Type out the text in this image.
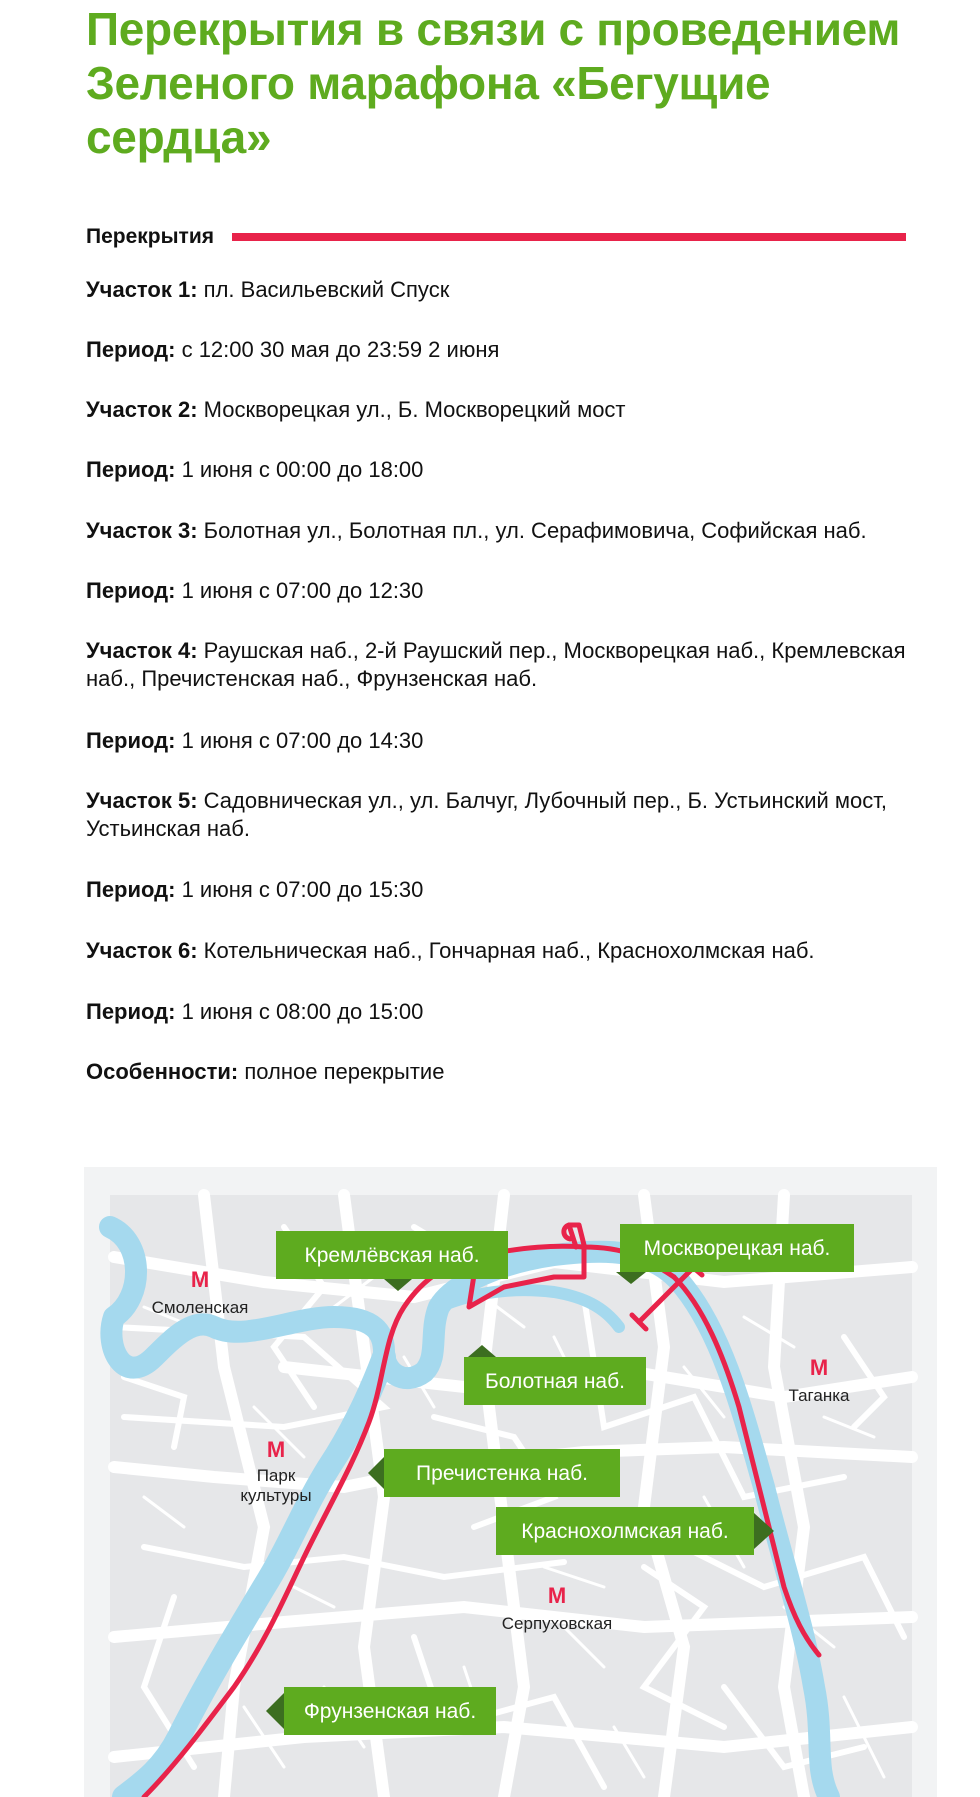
Перекрытия в связи с проведением Зеленого марафона «Бегущие сердца»
Перекрытия
Участок 1: пл. Васильевский Спуск
Период: с 12:00 30 мая до 23:59 2 июня
Участок 2: Москворецкая ул., Б. Москворецкий мост
Период: 1 июня с 00:00 до 18:00
Участок 3: Болотная ул., Болотная пл., ул. Серафимовича, Софийская наб.
Период: 1 июня с 07:00 до 12:30
Участок 4: Раушская наб., 2-й Раушский пер., Москворецкая наб., Кремлевская наб., Пречистенская наб., Фрунзенская наб.
Период: 1 июня с 07:00 до 14:30
Участок 5: Садовническая ул., ул. Балчуг, Лубочный пер., Б. Устьинский мост, Устьинская наб.
Период: 1 июня с 07:00 до 15:30
Участок 6: Котельническая наб., Гончарная наб., Краснохолмская наб.
Период: 1 июня с 08:00 до 15:00
Особенности: полное перекрытие
M
Смоленская
M
Парк культуры
M
Таганка
M
Серпуховская
Кремлёвская наб.	Москворецкая наб.
Болотная наб.
Пречистенка наб.
Краснохолмская наб.
Фрунзенская наб.
